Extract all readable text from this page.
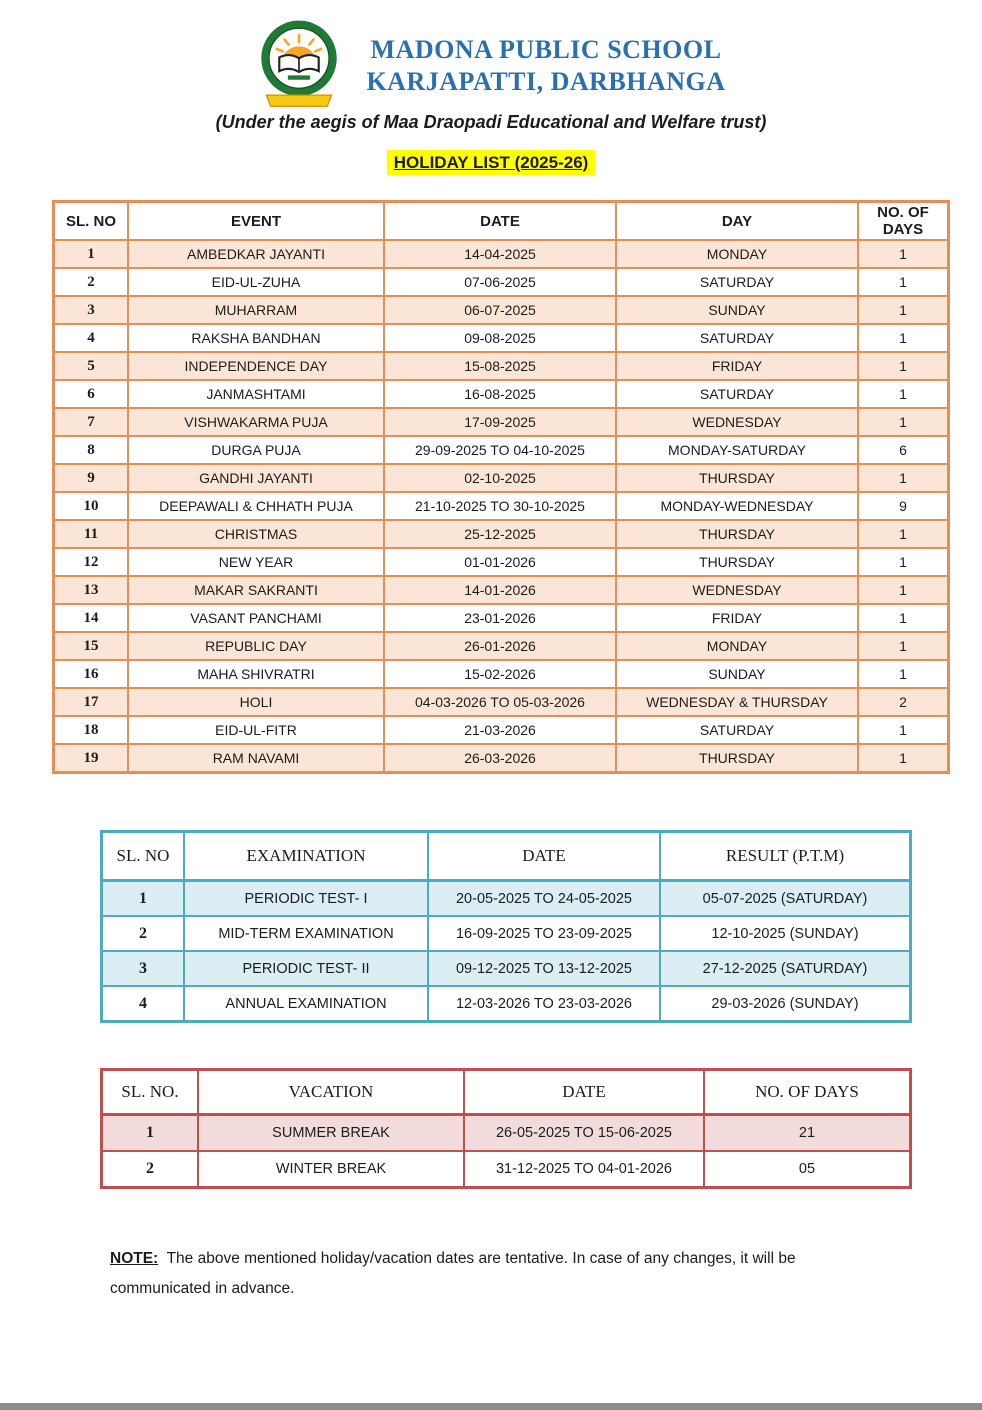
MADONA PUBLIC SCHOOL
KARJAPATTI, DARBHANGA
(Under the aegis of Maa Draopadi Educational and Welfare trust)
HOLIDAY LIST (2025-26)
SL. NO	EVENT	DATE	DAY	NO. OF DAYS
1	AMBEDKAR JAYANTI	14-04-2025	MONDAY	1
2	EID-UL-ZUHA	07-06-2025	SATURDAY	1
3	MUHARRAM	06-07-2025	SUNDAY	1
4	RAKSHA BANDHAN	09-08-2025	SATURDAY	1
5	INDEPENDENCE DAY	15-08-2025	FRIDAY	1
6	JANMASHTAMI	16-08-2025	SATURDAY	1
7	VISHWAKARMA PUJA	17-09-2025	WEDNESDAY	1
8	DURGA PUJA	29-09-2025 TO 04-10-2025	MONDAY-SATURDAY	6
9	GANDHI JAYANTI	02-10-2025	THURSDAY	1
10	DEEPAWALI & CHHATH PUJA	21-10-2025 TO 30-10-2025	MONDAY-WEDNESDAY	9
11	CHRISTMAS	25-12-2025	THURSDAY	1
12	NEW YEAR	01-01-2026	THURSDAY	1
13	MAKAR SAKRANTI	14-01-2026	WEDNESDAY	1
14	VASANT PANCHAMI	23-01-2026	FRIDAY	1
15	REPUBLIC DAY	26-01-2026	MONDAY	1
16	MAHA SHIVRATRI	15-02-2026	SUNDAY	1
17	HOLI	04-03-2026 TO 05-03-2026	WEDNESDAY & THURSDAY	2
18	EID-UL-FITR	21-03-2026	SATURDAY	1
19	RAM NAVAMI	26-03-2026	THURSDAY	1
SL. NO	EXAMINATION	DATE	RESULT (P.T.M)
1	PERIODIC TEST- I	20-05-2025 TO 24-05-2025	05-07-2025 (SATURDAY)
2	MID-TERM EXAMINATION	16-09-2025 TO 23-09-2025	12-10-2025 (SUNDAY)
3	PERIODIC TEST- II	09-12-2025 TO 13-12-2025	27-12-2025 (SATURDAY)
4	ANNUAL EXAMINATION	12-03-2026 TO 23-03-2026	29-03-2026 (SUNDAY)
SL. NO.	VACATION	DATE	NO. OF DAYS
1	SUMMER BREAK	26-05-2025 TO 15-06-2025	21
2	WINTER BREAK	31-12-2025 TO 04-01-2026	05

NOTE: The above mentioned holiday/vacation dates are tentative. In case of any changes, it will be communicated in advance.
